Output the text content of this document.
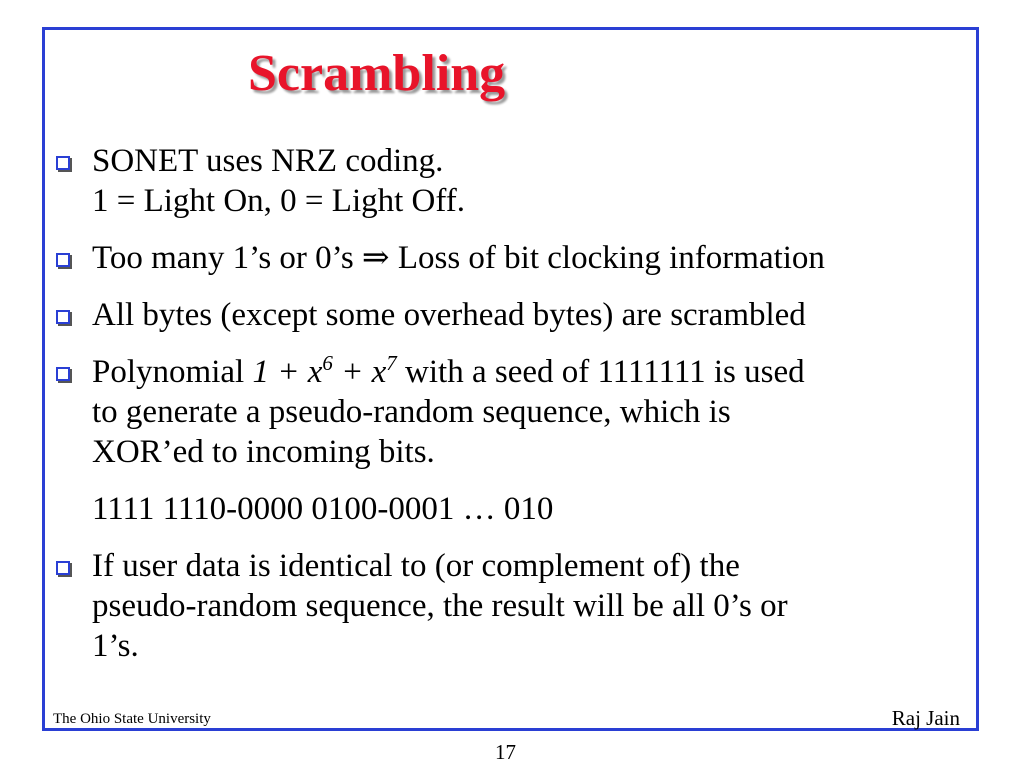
Scrambling
SONET uses NRZ coding.
1 = Light On, 0 = Light Off.
Too many 1’s or 0’s ⇒ Loss of bit clocking information
All bytes (except some overhead bytes) are scrambled
Polynomial $1 + x^6 + x^7$ with a seed of 1111111 is used
to generate a pseudo-random sequence, which is
XOR’ed to incoming bits.
1111 1110-0000 0100-0001 … 010
If user data is identical to (or complement of) the
pseudo-random sequence, the result will be all 0’s or
1’s.
The Ohio State University	Raj Jain
17
